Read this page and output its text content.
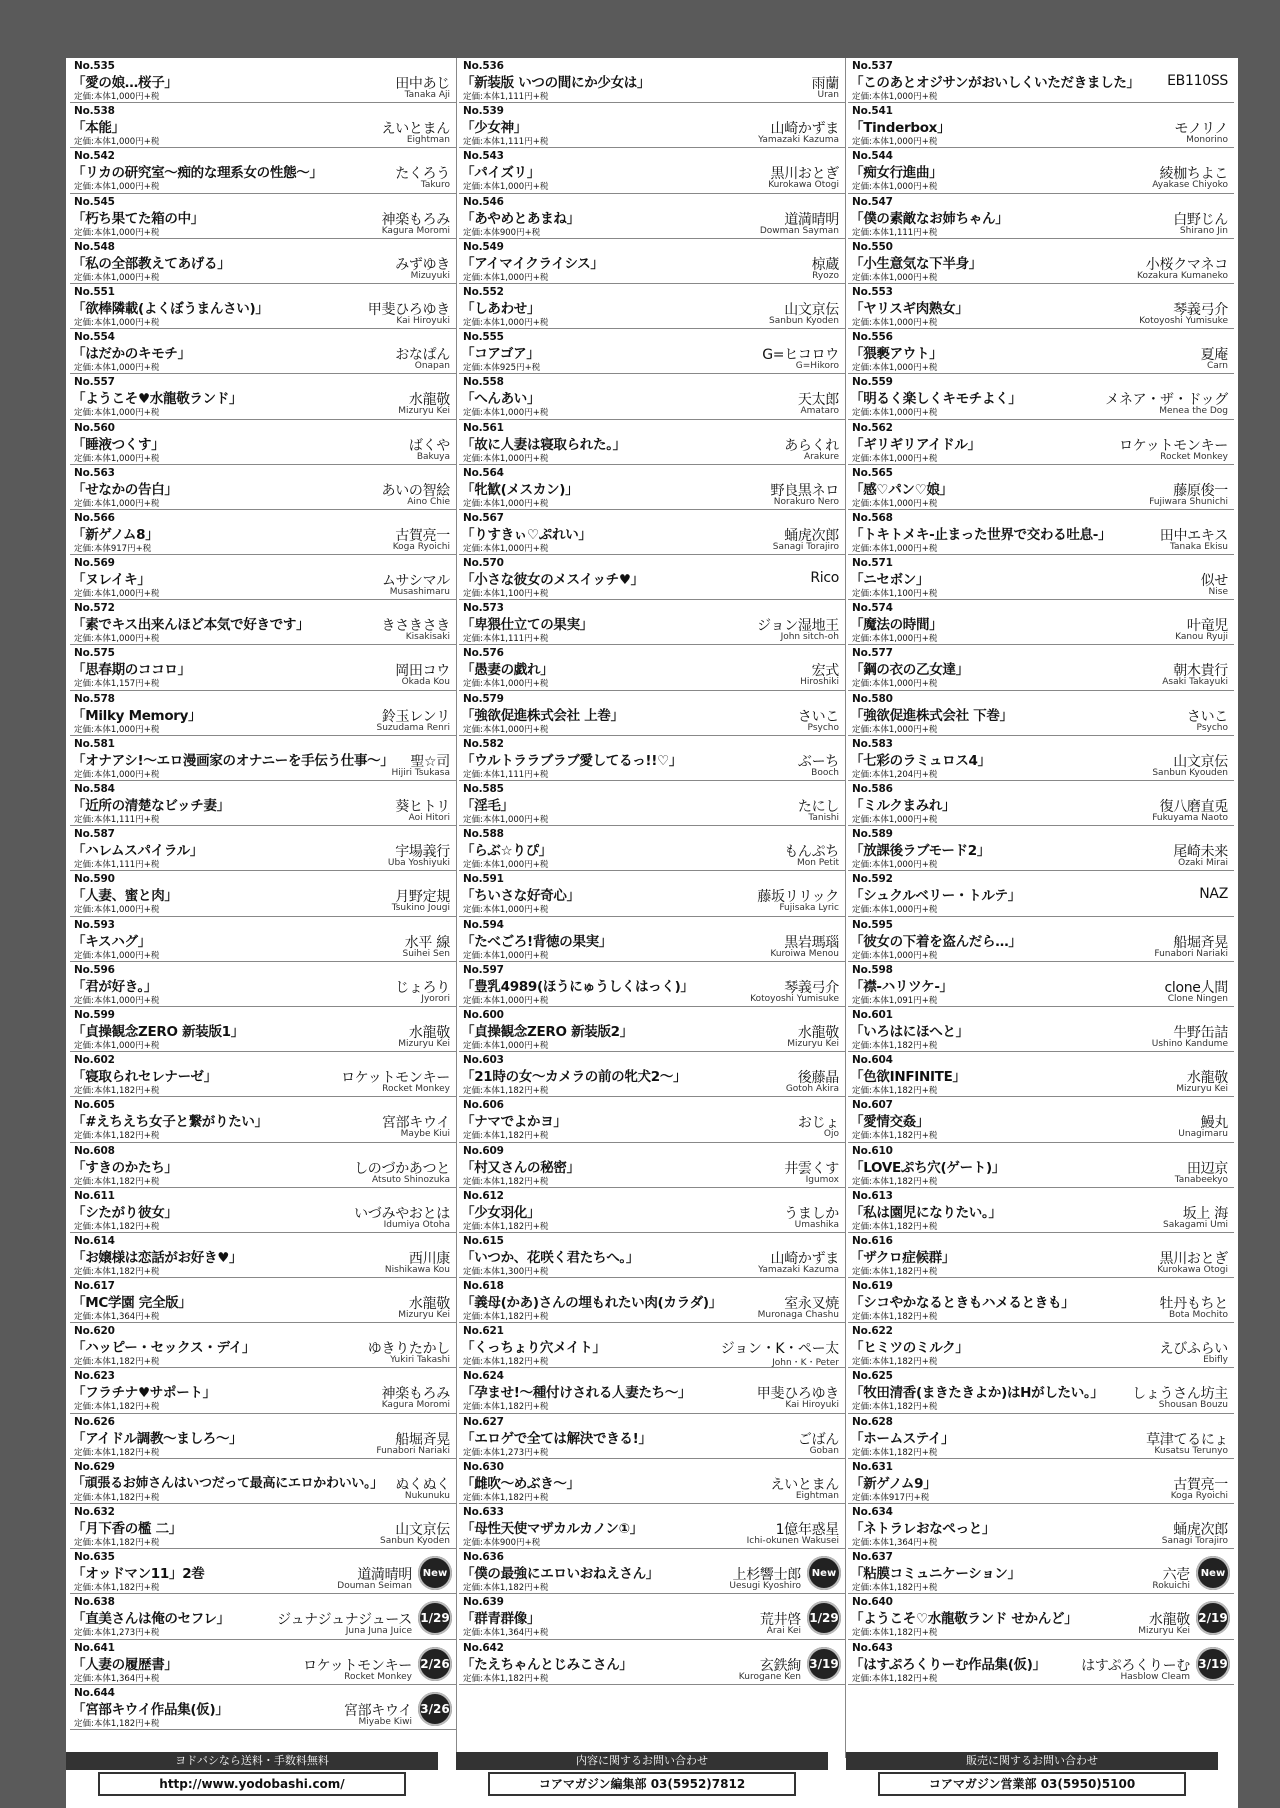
No.535
「愛の娘…桜子」
定価:本体1,000円+税
田中あじ
Tanaka Aji
No.538
「本能」
定価:本体1,000円+税
えいとまん
Eightman
No.542
「リカの研究室～痴的な理系女の性態～」
定価:本体1,000円+税
たくろう
Takuro
No.545
「朽ち果てた箱の中」
定価:本体1,000円+税
神楽もろみ
Kagura Moromi
No.548
「私の全部教えてあげる」
定価:本体1,000円+税
みずゆき
Mizuyuki
No.551
「欲棒隣載(よくぼうまんさい)」
定価:本体1,000円+税
甲斐ひろゆき
Kai Hiroyuki
No.554
「はだかのキモチ」
定価:本体1,000円+税
おなぱん
Onapan
No.557
「ようこそ♥水龍敬ランド」
定価:本体1,000円+税
水龍敬
Mizuryu Kei
No.560
「睡液つくす」
定価:本体1,000円+税
ばくや
Bakuya
No.563
「せなかの告白」
定価:本体1,000円+税
あいの智絵
Aino Chie
No.566
「新ゲノム8」
定価:本体917円+税
古賀亮一
Koga Ryoichi
No.569
「ヌレイキ」
定価:本体1,000円+税
ムサシマル
Musashimaru
No.572
「素でキス出来んほど本気で好きです」
定価:本体1,000円+税
きさきさき
Kisakisaki
No.575
「思春期のココロ」
定価:本体1,157円+税
岡田コウ
Okada Kou
No.578
「Milky Memory」
定価:本体1,000円+税
鈴玉レンリ
Suzudama Renri
No.581
「オナアシ!～エロ漫画家のオナニーを手伝う仕事～」
定価:本体1,000円+税
聖☆司
Hijiri Tsukasa
No.584
「近所の清楚なビッチ妻」
定価:本体1,111円+税
葵ヒトリ
Aoi Hitori
No.587
「ハレムスパイラル」
定価:本体1,111円+税
宇場義行
Uba Yoshiyuki
No.590
「人妻、蜜と肉」
定価:本体1,000円+税
月野定規
Tsukino Jougi
No.593
「キスハグ」
定価:本体1,000円+税
水平 線
Suihei Sen
No.596
「君が好き。」
定価:本体1,000円+税
じょろり
Jyorori
No.599
「貞操観念ZERO 新装版1」
定価:本体1,000円+税
水龍敬
Mizuryu Kei
No.602
「寝取られセレナーゼ」
定価:本体1,182円+税
ロケットモンキー
Rocket Monkey
No.605
「#えちえち女子と繋がりたい」
定価:本体1,182円+税
宮部キウイ
Maybe Kiui
No.608
「すきのかたち」
定価:本体1,182円+税
しのづかあつと
Atsuto Shinozuka
No.611
「シたがり彼女」
定価:本体1,182円+税
いづみやおとは
Idumiya Otoha
No.614
「お嬢様は恋話がお好き♥」
定価:本体1,182円+税
西川康
Nishikawa Kou
No.617
「MC学園 完全版」
定価:本体1,364円+税
水龍敬
Mizuryu Kei
No.620
「ハッピー・セックス・デイ」
定価:本体1,182円+税
ゆきりたかし
Yukiri Takashi
No.623
「フラチナ♥サポート」
定価:本体1,182円+税
神楽もろみ
Kagura Moromi
No.626
「アイドル調教～ましろ～」
定価:本体1,182円+税
船堀斉晃
Funabori Nariaki
No.629
「頑張るお姉さんはいつだって最高にエロかわいい。」
定価:本体1,182円+税
ぬくぬく
Nukunuku
No.632
「月下香の檻 二」
定価:本体1,182円+税
山文京伝
Sanbun Kyoden
No.635
「オッドマン11」2巻
定価:本体1,182円+税
道満晴明
Douman Seiman
New
No.638
「直美さんは俺のセフレ」
定価:本体1,273円+税
ジュナジュナジュース
Juna Juna Juice
1/29
No.641
「人妻の履歴書」
定価:本体1,364円+税
ロケットモンキー
Rocket Monkey
2/26
No.644
「宮部キウイ作品集(仮)」
定価:本体1,182円+税
宮部キウイ
Miyabe Kiwi
3/26
No.536
「新装版 いつの間にか少女は」
定価:本体1,111円+税
雨蘭
Uran
No.539
「少女神」
定価:本体1,111円+税
山崎かずま
Yamazaki Kazuma
No.543
「パイズリ」
定価:本体1,000円+税
黒川おとぎ
Kurokawa Otogi
No.546
「あやめとあまね」
定価:本体900円+税
道満晴明
Dowman Sayman
No.549
「アイマイクライシス」
定価:本体1,000円+税
椋蔵
Ryozo
No.552
「しあわせ」
定価:本体1,000円+税
山文京伝
Sanbun Kyoden
No.555
「コアゴア」
定価:本体925円+税
G=ヒコロウ
G=Hikoro
No.558
「へんあい」
定価:本体1,000円+税
天太郎
Amataro
No.561
「故に人妻は寝取られた。」
定価:本体1,000円+税
あらくれ
Arakure
No.564
「牝歓(メスカン)」
定価:本体1,000円+税
野良黒ネロ
Norakuro Nero
No.567
「りすきぃ♡ぷれい」
定価:本体1,000円+税
蛹虎次郎
Sanagi Torajiro
No.570
「小さな彼女のメスイッチ♥」
定価:本体1,100円+税
Rico
No.573
「卑猥仕立ての果実」
定価:本体1,111円+税
ジョン湿地王
John sitch-oh
No.576
「愚妻の戯れ」
定価:本体1,000円+税
宏式
Hiroshiki
No.579
「強欲促進株式会社 上巻」
定価:本体1,000円+税
さいこ
Psycho
No.582
「ウルトララブラブ愛してるっ!!♡」
定価:本体1,111円+税
ぶーち
Booch
No.585
「淫毛」
定価:本体1,000円+税
たにし
Tanishi
No.588
「らぶ☆りぴ」
定価:本体1,000円+税
もんぷち
Mon Petit
No.591
「ちいさな好奇心」
定価:本体1,000円+税
藤坂リリック
Fujisaka Lyric
No.594
「たべごろ!背徳の果実」
定価:本体1,000円+税
黒岩瑪瑙
Kuroiwa Menou
No.597
「豊乳4989(ほうにゅうしくはっく)」
定価:本体1,000円+税
琴義弓介
Kotoyoshi Yumisuke
No.600
「貞操観念ZERO 新装版2」
定価:本体1,000円+税
水龍敬
Mizuryu Kei
No.603
「21時の女～カメラの前の牝犬2～」
定価:本体1,182円+税
後藤晶
Gotoh Akira
No.606
「ナマでよかヨ」
定価:本体1,182円+税
おじょ
Ojo
No.609
「村又さんの秘密」
定価:本体1,182円+税
井雲くす
Igumox
No.612
「少女羽化」
定価:本体1,182円+税
うましか
Umashika
No.615
「いつか、花咲く君たちへ。」
定価:本体1,300円+税
山崎かずま
Yamazaki Kazuma
No.618
「義母(かあ)さんの埋もれたい肉(カラダ)」
定価:本体1,182円+税
室永叉焼
Muronaga Chashu
No.621
「くっちょり穴メイト」
定価:本体1,182円+税
ジョン・K・ペー太
John・K・Peter
No.624
「孕ませ!～種付けされる人妻たち～」
定価:本体1,182円+税
甲斐ひろゆき
Kai Hiroyuki
No.627
「エロゲで全ては解決できる!」
定価:本体1,273円+税
ごばん
Goban
No.630
「雌吹～めぶき～」
定価:本体1,182円+税
えいとまん
Eightman
No.633
「母性天使マザカルカノン①」
定価:本体900円+税
1億年惑星
Ichi-okunen Wakusei
No.636
「僕の最強にエロいおねえさん」
定価:本体1,182円+税
上杉響士郎
Uesugi Kyoshiro
New
No.639
「群青群像」
定価:本体1,364円+税
荒井啓
Arai Kei
1/29
No.642
「たえちゃんとじみこさん」
定価:本体1,182円+税
玄鉄絢
Kurogane Ken
3/19
No.537
「このあとオジサンがおいしくいただきました」
定価:本体1,000円+税
EB110SS
No.541
「Tinderbox」
定価:本体1,000円+税
モノリノ
Monorino
No.544
「痴女行進曲」
定価:本体1,000円+税
綾枷ちよこ
Ayakase Chiyoko
No.547
「僕の素敵なお姉ちゃん」
定価:本体1,111円+税
白野じん
Shirano Jin
No.550
「小生意気な下半身」
定価:本体1,000円+税
小桜クマネコ
Kozakura Kumaneko
No.553
「ヤリスギ肉熟女」
定価:本体1,000円+税
琴義弓介
Kotoyoshi Yumisuke
No.556
「猥褻アウト」
定価:本体1,000円+税
夏庵
Carn
No.559
「明るく楽しくキモチよく」
定価:本体1,000円+税
メネア・ザ・ドッグ
Menea the Dog
No.562
「ギリギリアイドル」
定価:本体1,000円+税
ロケットモンキー
Rocket Monkey
No.565
「感♡パン♡娘」
定価:本体1,000円+税
藤原俊一
Fujiwara Shunichi
No.568
「トキトメキ-止まった世界で交わる吐息-」
定価:本体1,000円+税
田中エキス
Tanaka Ekisu
No.571
「ニセボン」
定価:本体1,100円+税
似せ
Nise
No.574
「魔法の時間」
定価:本体1,000円+税
叶竜児
Kanou Ryuji
No.577
「鋼の衣の乙女達」
定価:本体1,000円+税
朝木貴行
Asaki Takayuki
No.580
「強欲促進株式会社 下巻」
定価:本体1,000円+税
さいこ
Psycho
No.583
「七彩のラミュロス4」
定価:本体1,204円+税
山文京伝
Sanbun Kyouden
No.586
「ミルクまみれ」
定価:本体1,000円+税
復八磨直兎
Fukuyama Naoto
No.589
「放課後ラブモード2」
定価:本体1,000円+税
尾崎未来
Ozaki Mirai
No.592
「シュクルベリー・トルテ」
定価:本体1,000円+税
NAZ
No.595
「彼女の下着を盗んだら…」
定価:本体1,000円+税
船堀斉晃
Funabori Nariaki
No.598
「襟-ハリツケ-」
定価:本体1,091円+税
clone人間
Clone Ningen
No.601
「いろはにほへと」
定価:本体1,182円+税
牛野缶詰
Ushino Kandume
No.604
「色欲INFINITE」
定価:本体1,182円+税
水龍敬
Mizuryu Kei
No.607
「愛情交姦」
定価:本体1,182円+税
鰻丸
Unagimaru
No.610
「LOVEぷち穴(ゲート)」
定価:本体1,182円+税
田辺京
Tanabeekyo
No.613
「私は園児になりたい。」
定価:本体1,182円+税
坂上 海
Sakagami Umi
No.616
「ザクロ症候群」
定価:本体1,182円+税
黒川おとぎ
Kurokawa Otogi
No.619
「シコやかなるときもハメるときも」
定価:本体1,182円+税
牡丹もちと
Bota Mochito
No.622
「ヒミツのミルク」
定価:本体1,182円+税
えびふらい
Ebifly
No.625
「牧田清香(まきたきよか)はHがしたい。」
定価:本体1,182円+税
しょうさん坊主
Shousan Bouzu
No.628
「ホームステイ」
定価:本体1,182円+税
草津てるにょ
Kusatsu Terunyo
No.631
「新ゲノム9」
定価:本体917円+税
古賀亮一
Koga Ryoichi
No.634
「ネトラレおなぺっと」
定価:本体1,364円+税
蛹虎次郎
Sanagi Torajiro
No.637
「粘膜コミュニケーション」
定価:本体1,182円+税
六壱
Rokuichi
New
No.640
「ようこそ♡水龍敬ランド せかんど」
定価:本体1,182円+税
水龍敬
Mizuryu Kei
2/19
No.643
「はすぷろくりーむ作品集(仮)」
定価:本体1,182円+税
はすぷろくりーむ
Hasblow Cleam
3/19
ヨドバシなら送料・手数料無料
http://www.yodobashi.com/
内容に関するお問い合わせ
コアマガジン編集部 03(5952)7812
販売に関するお問い合わせ
コアマガジン営業部 03(5950)5100
